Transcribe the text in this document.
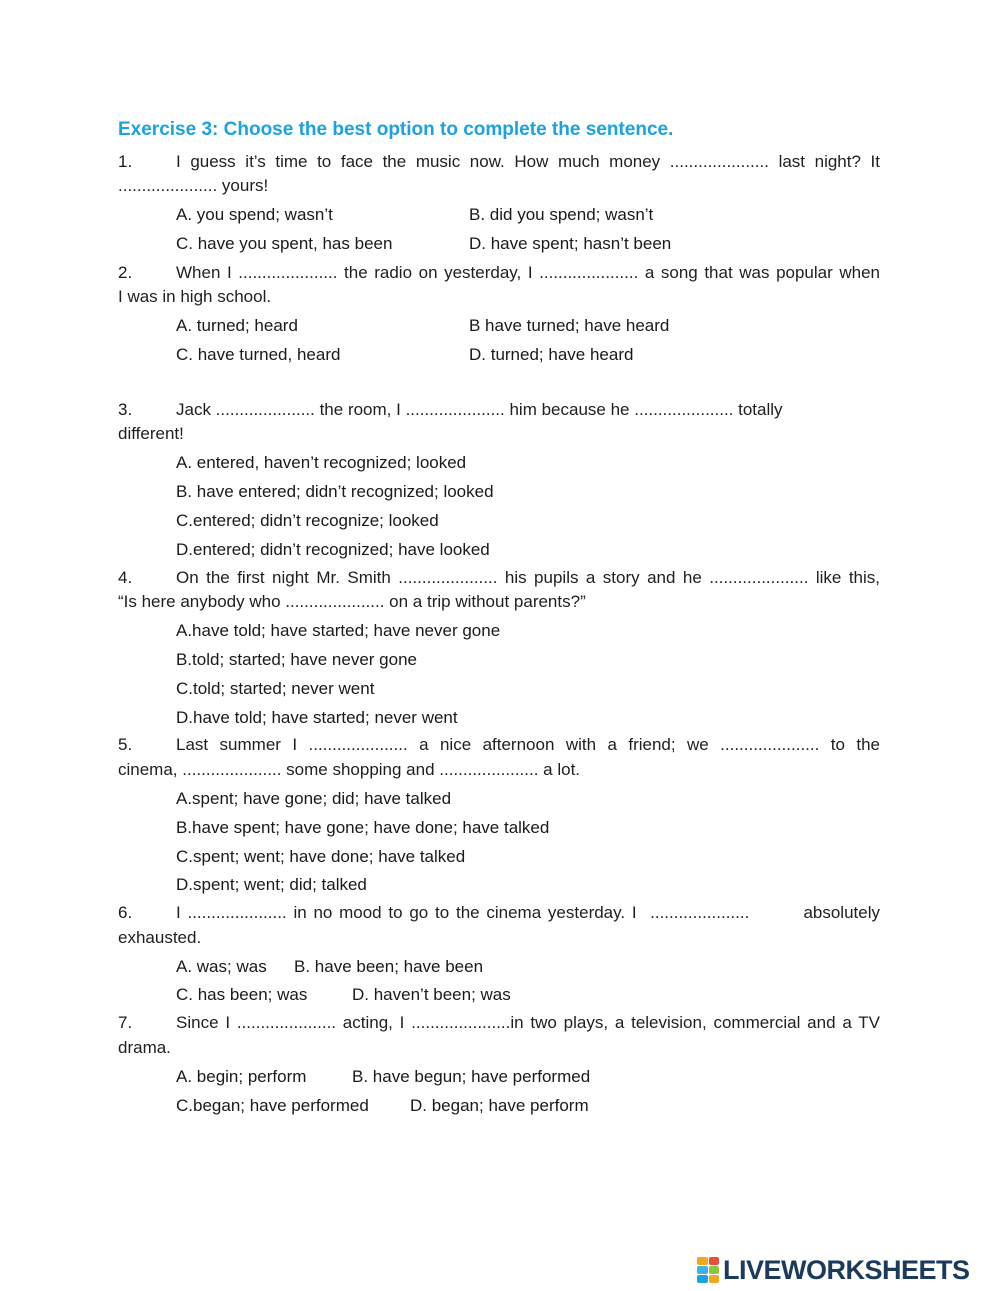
Exercise 3: Choose the best option to complete the sentence.
1.	I guess it’s time to face the music now. How much money ..................... last night? It
..................... yours!
A. you spend; wasn’t	B. did you spend; wasn’t
C. have you spent, has been	D. have spent; hasn’t been
2.	When I ..................... the radio on yesterday, I ..................... a song that was popular when
I was in high school.
A. turned; heard	B have turned; have heard
C. have turned, heard	D. turned; have heard
3.	Jack ..................... the room, I ..................... him because he ..................... totally
different!
A. entered, haven’t recognized; looked
B. have entered; didn’t recognized; looked
C.entered; didn’t recognize; looked
D.entered; didn’t recognized; have looked
4.	On the first night Mr. Smith ..................... his pupils a story and he ..................... like this,
“Is here anybody who ..................... on a trip without parents?”
A.have told; have started; have never gone
B.told; started; have never gone
C.told; started; never went
D.have told; have started; never went
5.	Last summer I ..................... a nice afternoon with a friend; we ..................... to the
cinema, ..................... some shopping and ..................... a lot.
A.spent; have gone; did; have talked
B.have spent; have gone; have done; have talked
C.spent; went; have done; have talked
D.spent; went; did; talked
6.	I ..................... in no mood to go to the cinema yesterday. I  .....................        absolutely
exhausted.
A. was; was B. have been; have been
C. has been; was	D. haven’t been; was
7.	Since I ..................... acting, I .....................in two plays, a television, commercial and a TV
drama.
A. begin; perform	B. have begun; have performed
C.began; have performed D. began; have perform
LIVEWORKSHEETS
